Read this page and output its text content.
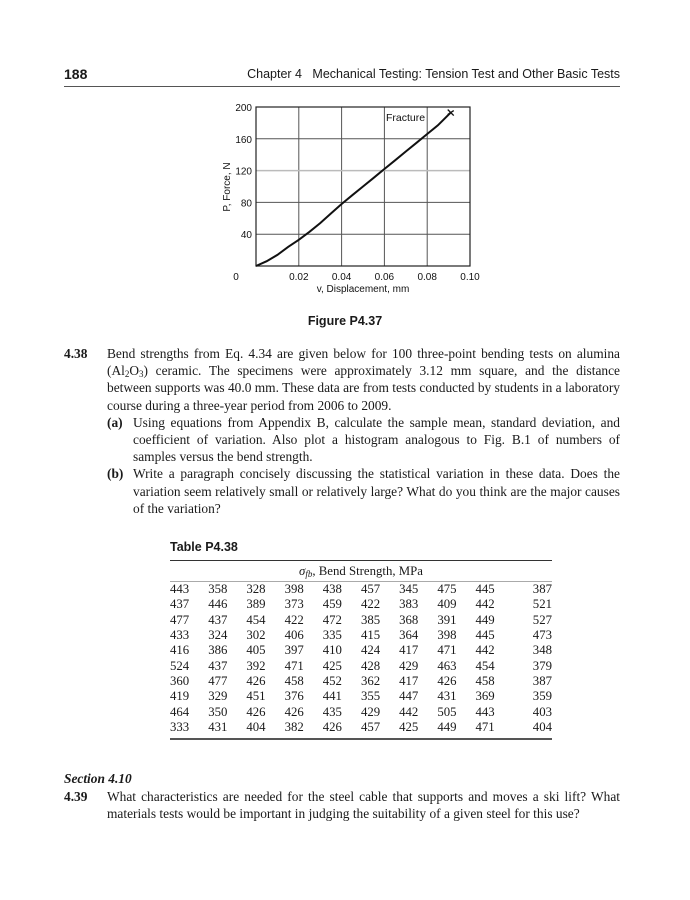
188	Chapter 4   Mechanical Testing: Tension Test and Other Basic Tests
40
80
120
160
200
0	0.02 0.04 0.06 0.08 0.10
P, Force, N
v, Displacement, mm
Fracture
Figure P4.37
4.38 Bend strengths from Eq. 4.34 are given below for 100 three-point bending tests on alumina $(Al_2O_3)$ ceramic. The specimens were approximately 3.12 mm square, and the distance between supports was 40.0 mm. These data are from tests conducted by students in a laboratory course during a three-year period from 2006 to 2009.
(a) Using equations from Appendix B, calculate the sample mean, standard deviation, and coefficient of variation. Also plot a histogram analogous to Fig. B.1 of numbers of samples versus the bend strength.
(b) Write a paragraph concisely discussing the statistical variation in these data. Does the variation seem relatively small or relatively large? What do you think are the major causes of the variation?
Table P4.38
$\sigma_{fb}$, Bend Strength, MPa
443	358	328	398	438	457	345	475	445	387
437	446	389	373	459	422	383	409	442	521
477	437	454	422	472	385	368	391	449	527
433	324	302	406	335	415	364	398	445	473
416	386	405	397	410	424	417	471	442	348
524	437	392	471	425	428	429	463	454	379
360	477	426	458	452	362	417	426	458	387
419	329	451	376	441	355	447	431	369	359
464	350	426	426	435	429	442	505	443	403
333	431	404	382	426	457	425	449	471	404
Section 4.10
4.39 What characteristics are needed for the steel cable that supports and moves a ski lift? What materials tests would be important in judging the suitability of a given steel for this use?
